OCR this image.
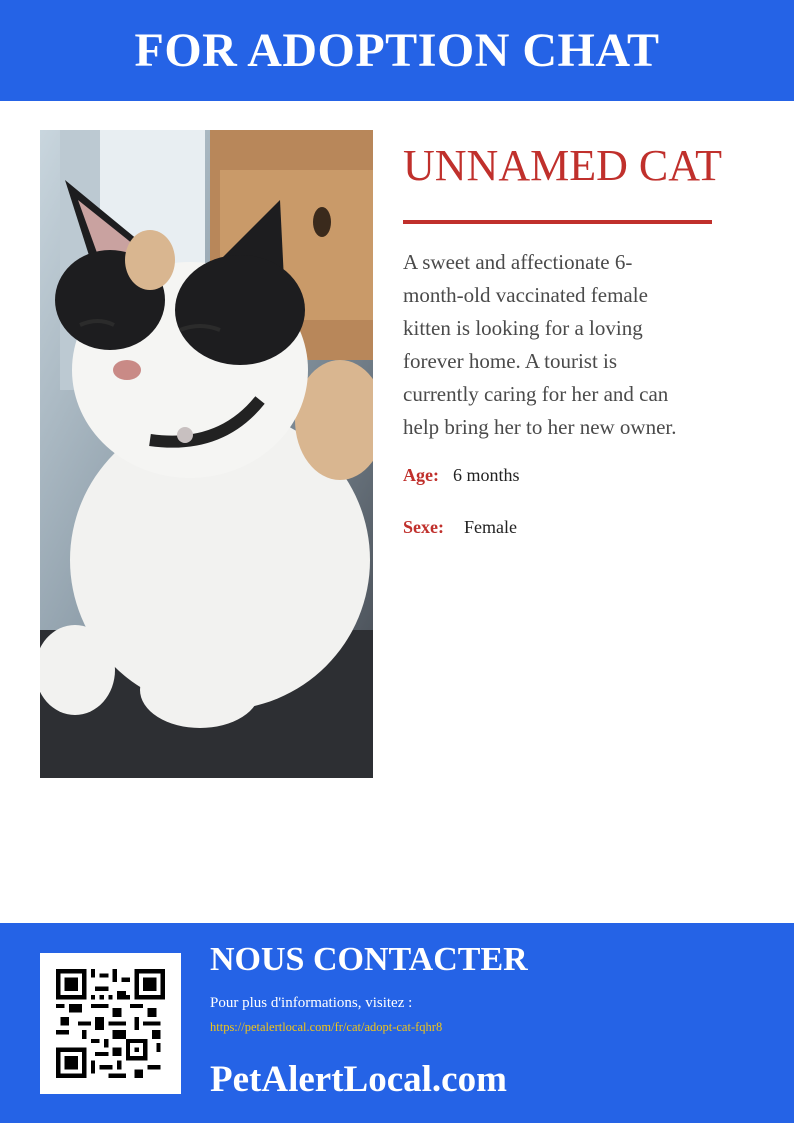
FOR ADOPTION CHAT
UNNAMED CAT
A sweet and affectionate 6-month-old vaccinated female kitten is looking for a loving forever home. A tourist is currently caring for her and can help bring her to her new owner.
Age: 6 months
Sexe: Female
NOUS CONTACTER
Pour plus d'informations, visitez :
https://petalertlocal.com/fr/cat/adopt-cat-fqhr8
PetAlertLocal.com
